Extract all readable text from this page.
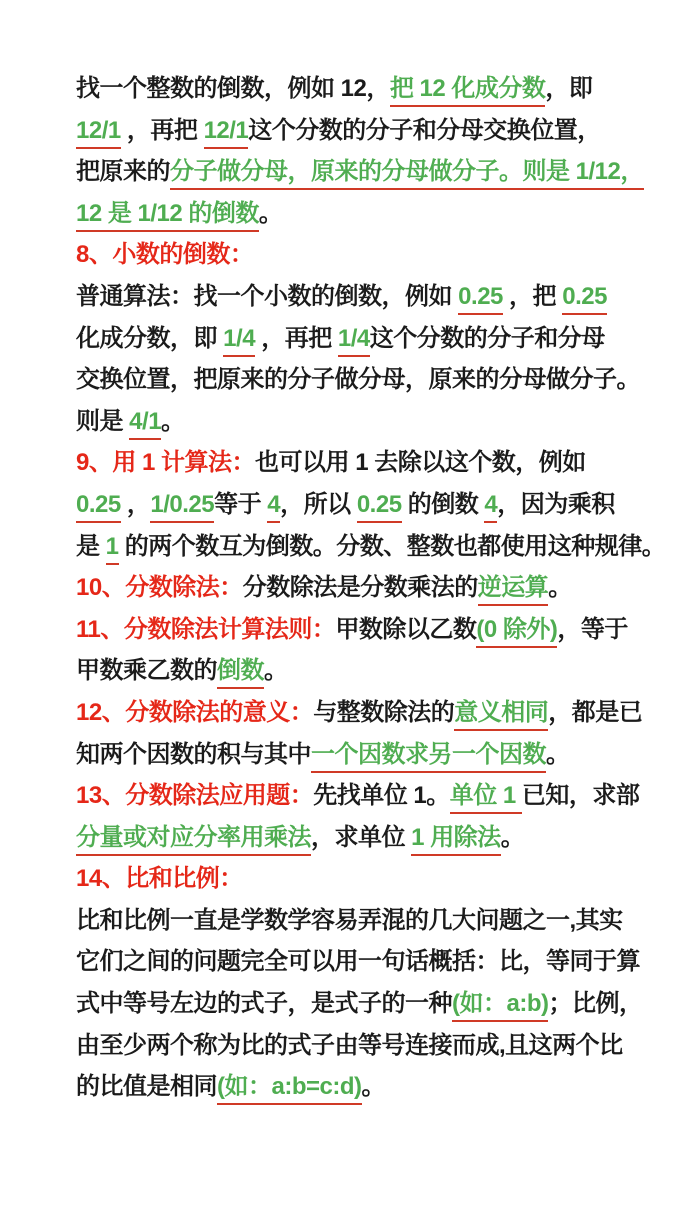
找一个整数的倒数，例如 12，把 12 化成分数，即
12/1 ，再把 12/1这个分数的分子和分母交换位置，
把原来的分子做分母，原来的分母做分子。则是 1/12，
12 是 1/12 的倒数。
8、小数的倒数：
普通算法：找一个小数的倒数，例如 0.25 ，把 0.25
化成分数，即 1/4 ，再把 1/4这个分数的分子和分母
交换位置，把原来的分子做分母，原来的分母做分子。
则是 4/1。
9、用 1 计算法：也可以用 1 去除以这个数，例如
0.25 ，1/0.25等于 4，所以 0.25 的倒数 4，因为乘积
是 1 的两个数互为倒数。分数、整数也都使用这种规律。
10、分数除法：分数除法是分数乘法的逆运算。
11、分数除法计算法则：甲数除以乙数(0 除外)，等于
甲数乘乙数的倒数。
12、分数除法的意义：与整数除法的意义相同，都是已
知两个因数的积与其中一个因数求另一个因数。
13、分数除法应用题：先找单位 1。单位 1 已知，求部
分量或对应分率用乘法，求单位 1 用除法。
14、比和比例：
比和比例一直是学数学容易弄混的几大问题之一,其实
它们之间的问题完全可以用一句话概括：比，等同于算
式中等号左边的式子，是式子的一种(如：a:b)；比例，
由至少两个称为比的式子由等号连接而成,且这两个比
的比值是相同(如：a:b=c:d)。
